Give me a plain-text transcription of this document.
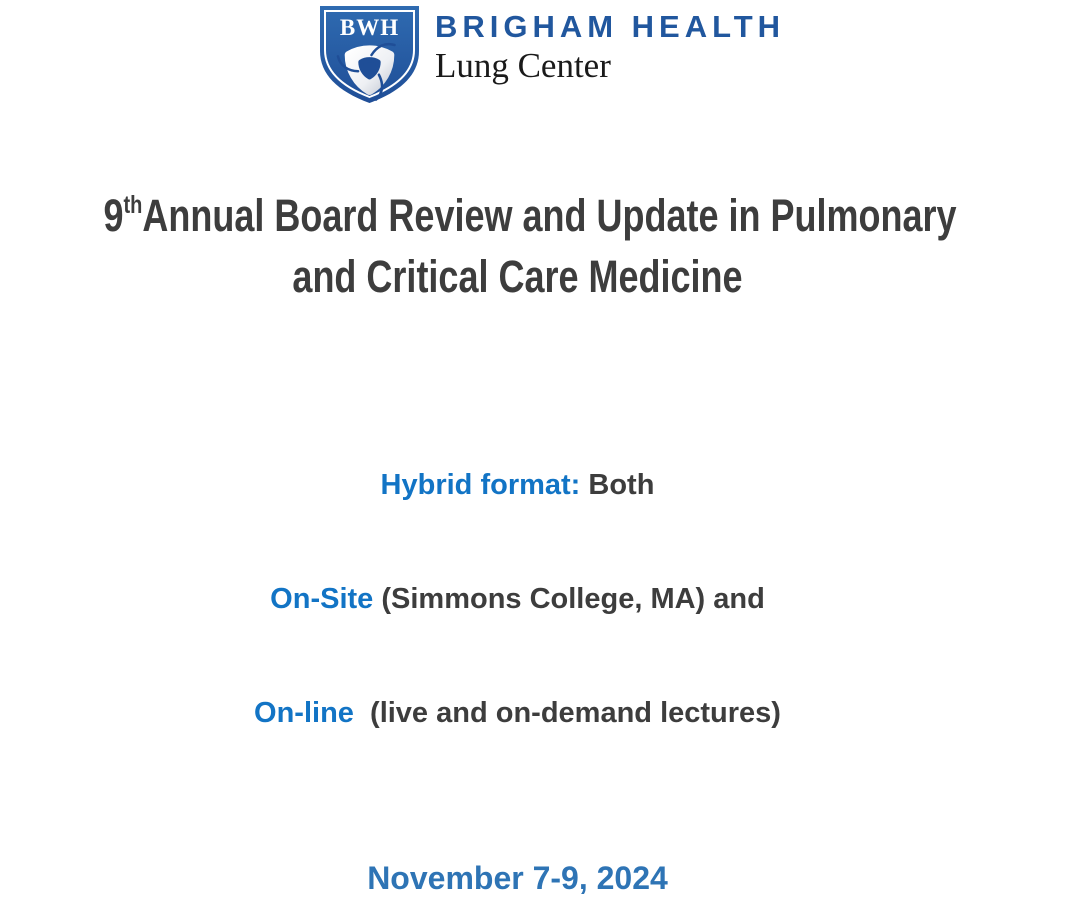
BWH BRIGHAM HEALTH
Lung Center
9thAnnual Board Review and Update in Pulmonary
and Critical Care Medicine

Hybrid format: Both

On-Site (Simmons College, MA) and

On-line  (live and on-demand lectures)

November 7-9, 2024
